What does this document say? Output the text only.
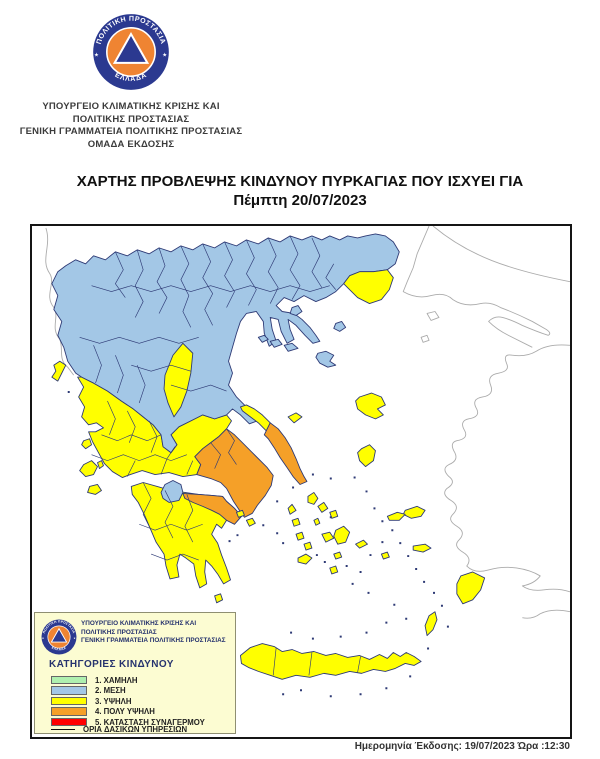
ΥΠΟΥΡΓΕΙΟ ΚΛΙΜΑΤΙΚΗΣ ΚΡΙΣΗΣ ΚΑΙ
ΠΟΛΙΤΙΚΗΣ ΠΡΟΣΤΑΣΙΑΣ
ΓΕΝΙΚΗ ΓΡΑΜΜΑΤΕΙΑ ΠΟΛΙΤΙΚΗΣ ΠΡΟΣΤΑΣΙΑΣ
ΟΜΑΔΑ ΕΚΔΟΣΗΣ
ΧΑΡΤΗΣ ΠΡΟΒΛΕΨΗΣ ΚΙΝΔΥΝΟΥ ΠΥΡΚΑΓΙΑΣ ΠΟΥ ΙΣΧΥΕΙ ΓΙΑ
Πέμπτη 20/07/2023
ΥΠΟΥΡΓΕΙΟ ΚΛΙΜΑΤΙΚΗΣ ΚΡΙΣΗΣ ΚΑΙ
ΠΟΛΙΤΙΚΗΣ ΠΡΟΣΤΑΣΙΑΣ
ΓΕΝΙΚΗ ΓΡΑΜΜΑΤΕΙΑ ΠΟΛΙΤΙΚΗΣ ΠΡΟΣΤΑΣΙΑΣ
ΚΑΤΗΓΟΡΙΕΣ ΚΙΝΔΥΝΟΥ
1. ΧΑΜΗΛΗ
2. ΜΕΣΗ
3. ΥΨΗΛΗ
4. ΠΟΛΥ ΥΨΗΛΗ
5. ΚΑΤΑΣΤΑΣΗ ΣΥΝΑΓΕΡΜΟΥ
ΟΡΙΑ ΔΑΣΙΚΩΝ ΥΠΗΡΕΣΙΩΝ
Ημερομηνία Έκδοσης: 19/07/2023 Ώρα :12:30
